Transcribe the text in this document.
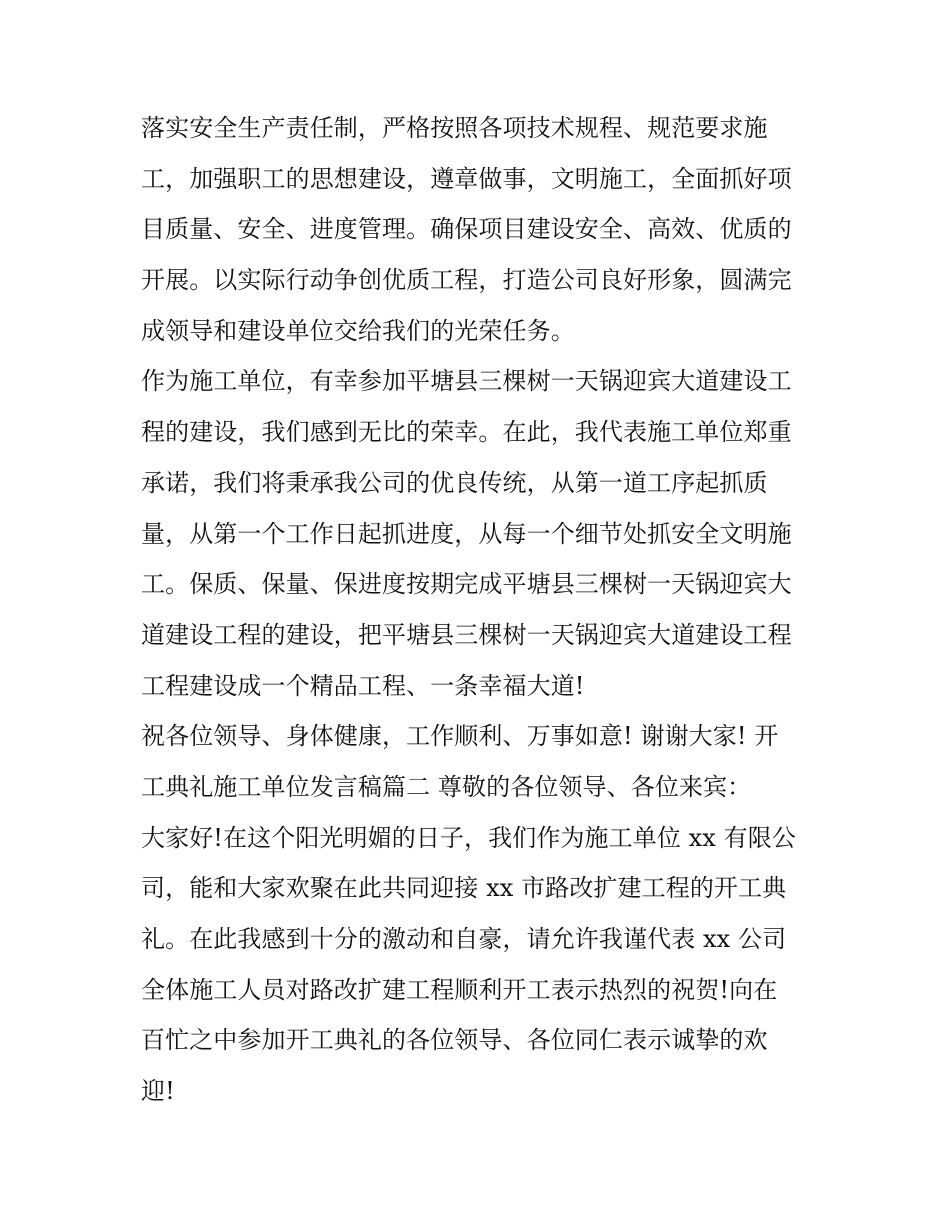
落实安全生产责任制，严格按照各项技术规程、规范要求施
工，加强职工的思想建设，遵章做事，文明施工，全面抓好项
目质量、安全、进度管理。确保项目建设安全、高效、优质的
开展。以实际行动争创优质工程，打造公司良好形象，圆满完
成领导和建设单位交给我们的光荣任务。
作为施工单位，有幸参加平塘县三棵树一天锅迎宾大道建设工
程的建设，我们感到无比的荣幸。在此，我代表施工单位郑重
承诺，我们将秉承我公司的优良传统，从第一道工序起抓质
量，从第一个工作日起抓进度，从每一个细节处抓安全文明施
工。保质、保量、保进度按期完成平塘县三棵树一天锅迎宾大
道建设工程的建设，把平塘县三棵树一天锅迎宾大道建设工程
工程建设成一个精品工程、一条幸福大道!
祝各位领导、身体健康，工作顺利、万事如意! 谢谢大家! 开
工典礼施工单位发言稿篇二 尊敬的各位领导、各位来宾：
大家好!在这个阳光明媚的日子，我们作为施工单位 xx 有限公
司，能和大家欢聚在此共同迎接 xx 市路改扩建工程的开工典
礼。在此我感到十分的激动和自豪，请允许我谨代表 xx 公司
全体施工人员对路改扩建工程顺利开工表示热烈的祝贺!向在
百忙之中参加开工典礼的各位领导、各位同仁表示诚挚的欢
迎!
